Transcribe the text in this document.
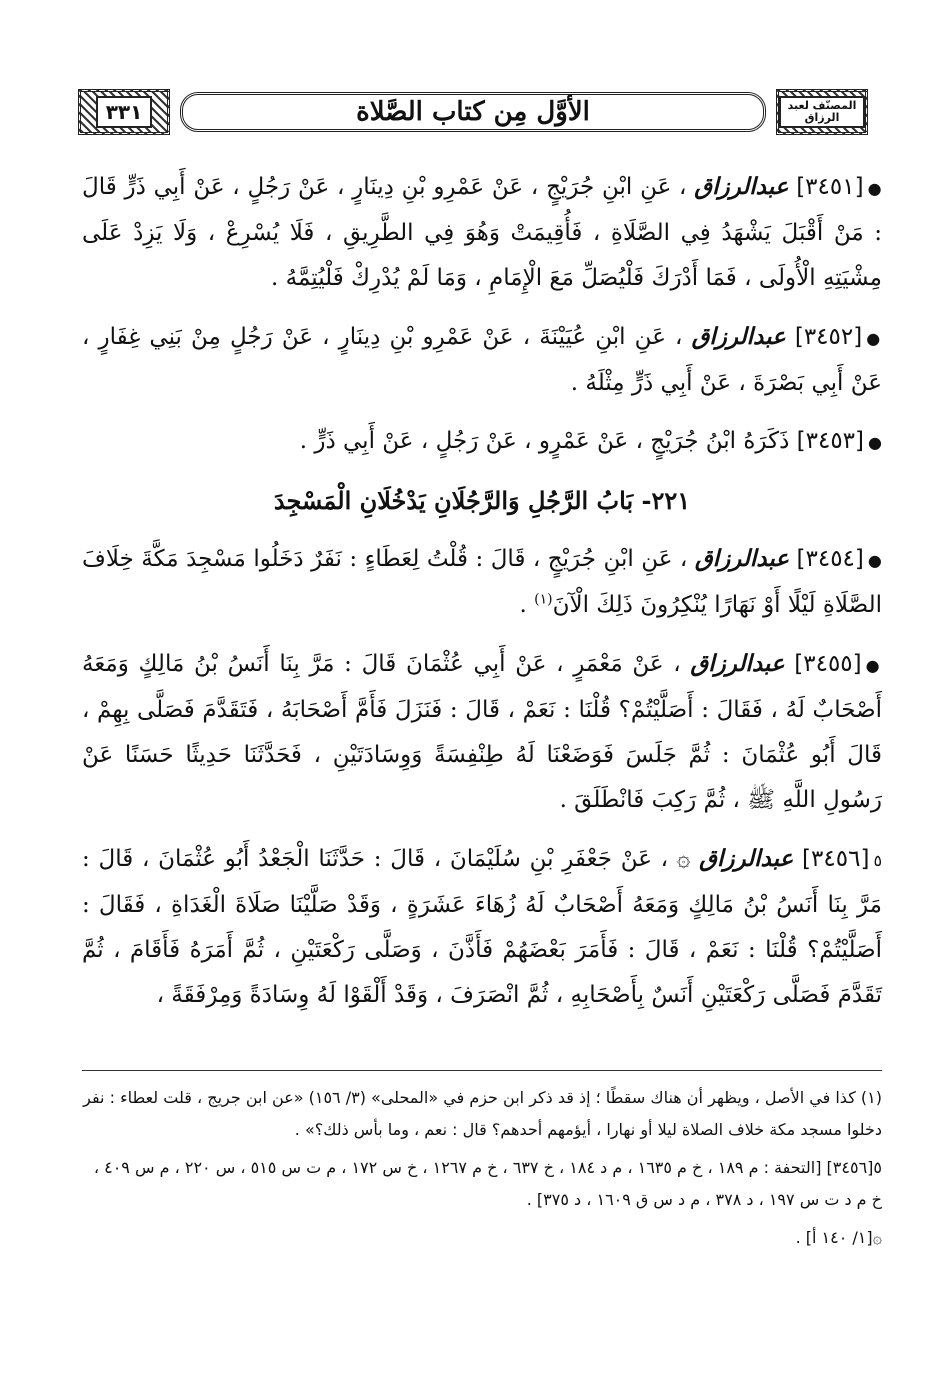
٣٣١	الأوَّل مِن كتاب الصَّلاة	المصنّف لعبد الرزاق

●[٣٤٥١] عبدالرزاق ، عَنِ ابْنِ جُرَيْجٍ ، عَنْ عَمْرِو بْنِ دِينَارٍ ، عَنْ رَجُلٍ ، عَنْ أَبِي ذَرٍّ قَالَ : مَنْ أَقْبَلَ يَشْهَدُ فِي الصَّلَاةِ ، فَأُقِيمَتْ وَهُوَ فِي الطَّرِيقِ ، فَلَا يُسْرِعْ ، وَلَا يَزِدْ عَلَى مِشْيَتِهِ الْأُولَى ، فَمَا أَدْرَكَ فَلْيُصَلِّ مَعَ الْإِمَامِ ، وَمَا لَمْ يُدْرِكْ فَلْيُتِمَّهُ .

●[٣٤٥٢] عبدالرزاق ، عَنِ ابْنِ عُيَيْنَةَ ، عَنْ عَمْرِو بْنِ دِينَارٍ ، عَنْ رَجُلٍ مِنْ بَنِي غِفَارٍ ، عَنْ أَبِي بَصْرَةَ ، عَنْ أَبِي ذَرٍّ مِثْلَهُ .

●[٣٤٥٣] ذَكَرَهُ ابْنُ جُرَيْجٍ ، عَنْ عَمْرٍو ، عَنْ رَجُلٍ ، عَنْ أَبِي ذَرٍّ .

٢٢١- بَابُ الرَّجُلِ وَالرَّجُلَانِ يَدْخُلَانِ الْمَسْجِدَ

●[٣٤٥٤] عبدالرزاق ، عَنِ ابْنِ جُرَيْجٍ ، قَالَ : قُلْتُ لِعَطَاءٍ : نَفَرٌ دَخَلُوا مَسْجِدَ مَكَّةَ خِلَافَ الصَّلَاةِ لَيْلًا أَوْ نَهَارًا يُنْكِرُونَ ذَلِكَ الْآنَ$^{(١)}$ .

●[٣٤٥٥] عبدالرزاق ، عَنْ مَعْمَرٍ ، عَنْ أَبِي عُثْمَانَ قَالَ : مَرَّ بِنَا أَنَسُ بْنُ مَالِكٍ وَمَعَهُ أَصْحَابٌ لَهُ ، فَقَالَ : أَصَلَّيْتُمْ؟ قُلْنَا : نَعَمْ ، قَالَ : فَنَزَلَ فَأَمَّ أَصْحَابَهُ ، فَتَقَدَّمَ فَصَلَّى بِهِمْ ، قَالَ أَبُو عُثْمَانَ : ثُمَّ جَلَسَ فَوَضَعْنَا لَهُ طِنْفِسَةً وَوِسَادَتَيْنِ ، فَحَدَّثَنَا حَدِيثًا حَسَنًا عَنْ رَسُولِ اللَّهِ ﷺ ، ثُمَّ رَكِبَ فَانْطَلَقَ .

٥[٣٤٥٦] عبدالرزاق ۞ ، عَنْ جَعْفَرِ بْنِ سُلَيْمَانَ ، قَالَ : حَدَّثَنَا الْجَعْدُ أَبُو عُثْمَانَ ، قَالَ : مَرَّ بِنَا أَنَسُ بْنُ مَالِكٍ وَمَعَهُ أَصْحَابٌ لَهُ زُهَاءَ عَشَرَةٍ ، وَقَدْ صَلَّيْنَا صَلَاةَ الْغَدَاةِ ، فَقَالَ : أَصَلَّيْتُمْ؟ قُلْنَا : نَعَمْ ، قَالَ : فَأَمَرَ بَعْضَهُمْ فَأَذَّنَ ، وَصَلَّى رَكْعَتَيْنِ ، ثُمَّ أَمَرَهُ فَأَقَامَ ، ثُمَّ تَقَدَّمَ فَصَلَّى رَكْعَتَيْنِ أَنَسٌ بِأَصْحَابِهِ ، ثُمَّ انْصَرَفَ ، وَقَدْ أَلْقَوْا لَهُ وِسَادَةً وَمِرْفَقَةً ،

(١) كذا في الأصل ، ويظهر أن هناك سقطًا ؛ إذ قد ذكر ابن حزم في «المحلى» (٣/ ١٥٦) «عن ابن جريج ، قلت لعطاء : نفر دخلوا مسجد مكة خلاف الصلاة ليلا أو نهارا ، أيؤمهم أحدهم؟ قال : نعم ، وما بأس ذلك؟» .

٥[٣٤٥٦] [التحفة : م ١٨٩ ، خ م ١٦٣٥ ، م د ١٨٤ ، خ ٦٣٧ ، خ م ١٢٦٧ ، خ س ١٧٢ ، م ت س ٥١٥ ، س ٢٢٠ ، م س ٤٠٩ ، خ م د ت س ١٩٧ ، د ٣٧٨ ، م د س ق ١٦٠٩ ، د ٣٧٥] .

۞[١/ ١٤٠ أ] .
